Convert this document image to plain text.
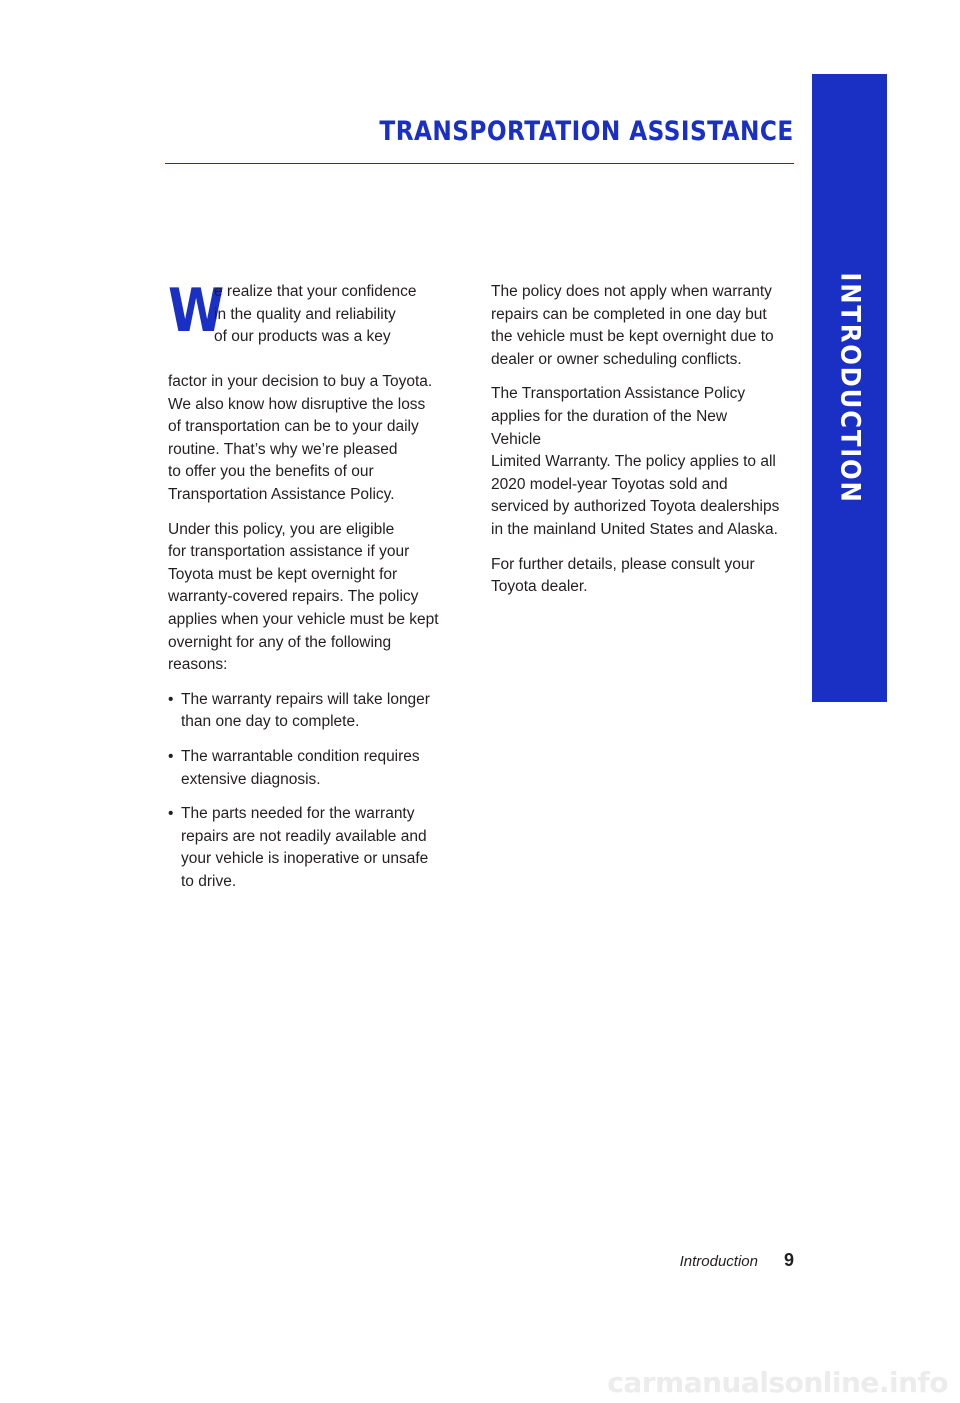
TRANSPORTATION ASSISTANCE
INTRODUCTION
W

e realize that your confidence
in the quality and reliability
of our products was a key

factor in your decision to buy a Toyota.
We also know how disruptive the loss
of transportation can be to your daily
routine. That’s why we’re pleased
to offer you the benefits of our
Transportation Assistance Policy.

Under this policy, you are eligible
for transportation assistance if your
Toyota must be kept overnight for
warranty-covered repairs. The policy
applies when your vehicle must be kept
overnight for any of the following reasons:

• The warranty repairs will take longer
than one day to complete.
• The warrantable condition requires
extensive diagnosis.
• The parts needed for the warranty
repairs are not readily available and
your vehicle is inoperative or unsafe
to drive.

The policy does not apply when warranty
repairs can be completed in one day but
the vehicle must be kept overnight due to
dealer or owner scheduling conflicts.

The Transportation Assistance Policy
applies for the duration of the New Vehicle
Limited Warranty. The policy applies to all
2020 model-year Toyotas sold and
serviced by authorized Toyota dealerships
in the mainland United States and Alaska.

For further details, please consult your
Toyota dealer.

Introduction 9
carmanualsonline.info
